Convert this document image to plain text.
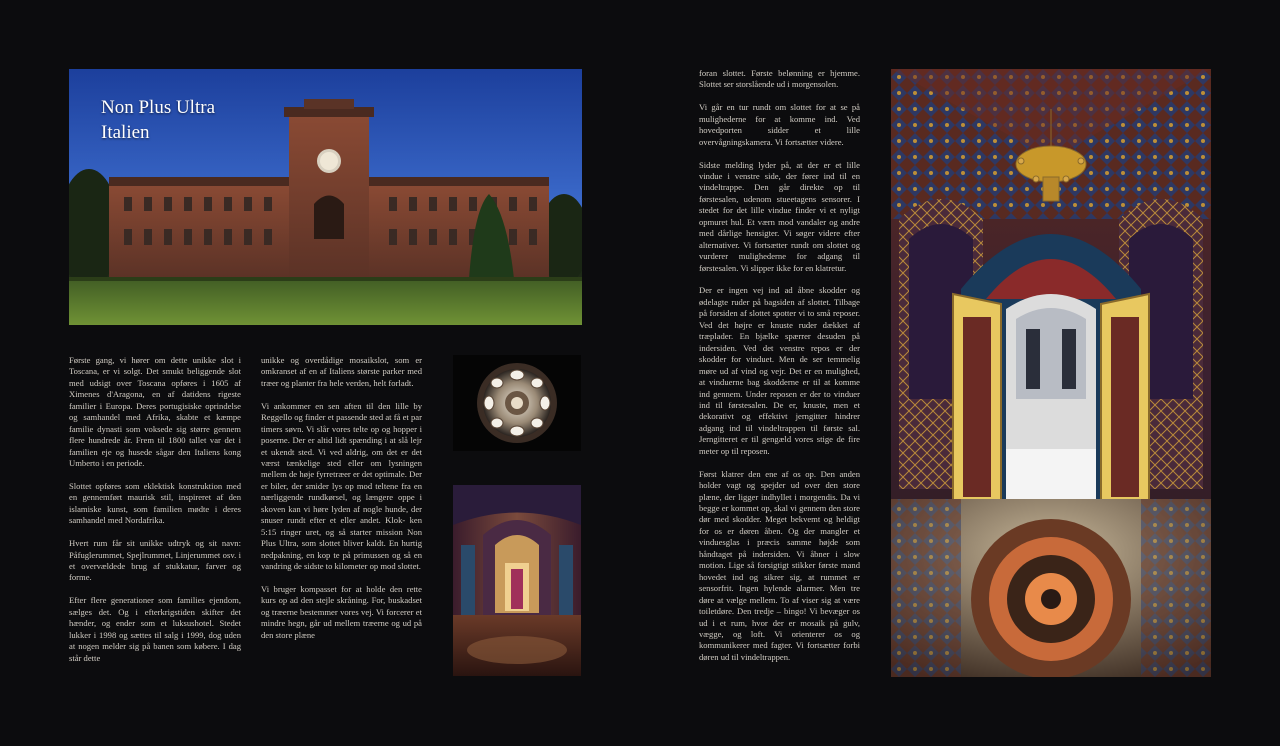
Non Plus Ultra
Italien

Første gang, vi hører om dette unikke slot i Toscana, er vi solgt. Det smukt beliggende slot med udsigt over Toscana opføres i 1605 af Ximenes d'Aragona, en af datidens rigeste familier i Europa. Deres portugisiske oprindelse og samhandel med Afrika, skabte et kæmpe familie dynasti som voksede sig større gennem flere hundrede år. Frem til 1800 tallet var det i familien eje og husede sågar den Italiens kong Umberto i en periode.

Slottet opføres som eklektisk konstruktion med en gennemført maurisk stil, inspireret af den islamiske kunst, som familien mødte i deres samhandel med Nordafrika.

Hvert rum får sit unikke udtryk og sit navn: Påfuglerummet, Spejlrummet, Linjerummet osv. i et overvældede brug af stukkatur, farver og forme.

Efter flere generationer som families ejendom, sælges det. Og i efterkrigstiden skifter det hænder, og ender som et luksushotel. Stedet lukker i 1998 og sættes til salg i 1999, dog uden at nogen melder sig på banen som købere. I dag står dette

unikke og overdådige mosaikslot, som er omkranset af en af Italiens største parker med træer og planter fra hele verden, helt forladt.

Vi ankommer en sen aften til den lille by Reggello og finder et passende sted at få et par timers søvn. Vi slår vores telte op og hopper i poserne. Der er altid lidt spænding i at slå lejr et ukendt sted. Vi ved aldrig, om det er det værst tænkelige sted eller om lysningen mellem de høje fyrretræer er det optimale. Der er biler, der smider lys op mod teltene fra en nærliggende rundkørsel, og længere oppe i skoven kan vi høre lyden af nogle hunde, der snuser rundt efter et eller andet. Klok- ken 5:15 ringer uret, og så starter mission Non Plus Ultra, som slottet bliver kaldt. En hurtig nedpakning, en kop te på primussen og så en vandring de sidste to kilometer op mod slottet.

Vi bruger kompasset for at holde den rette kurs op ad den stejle skråning. For, buskadset og træerne bestemmer vores vej. Vi forcerer et mindre hegn, går ud mellem træerne og ud på den store plæne

foran slottet. Første belønning er hjemme. Slottet ser storslående ud i morgensolen.

Vi går en tur rundt om slottet for at se på mulighederne for at komme ind. Ved hovedporten sidder et lille overvågningskamera. Vi fortsætter videre.

Sidste melding lyder på, at der er et lille vindue i venstre side, der fører ind til en vindeltrappe. Den går direkte op til førstesalen, udenom stueetagens sensorer. I stedet for det lille vindue finder vi et nyligt opmuret hul. Et værn mod vandaler og andre med dårlige hensigter. Vi søger videre efter alternativer. Vi fortsætter rundt om slottet og vurderer mulighederne for adgang til førstesalen. Vi slipper ikke for en klatretur.

Der er ingen vej ind ad åbne skodder og ødelagte ruder på bagsiden af slottet. Tilbage på forsiden af slottet spotter vi to små reposer. Ved det højre er knuste ruder dækket af træplader. En bjælke spærrer desuden på indersiden. Ved det venstre repos er der skodder for vinduet. Men de ser temmelig møre ud af vind og vejr. Det er en mulighed, at vinduerne bag skodderne er til at komme ind gennem. Under reposen er der to vinduer ind til førstesalen. De er, knuste, men et dekorativt og effektivt jerngitter hindrer adgang ind til vindeltrappen til første sal. Jerngitteret er til gengæld vores stige de fire meter op til reposen.

Først klatrer den ene af os op. Den anden holder vagt og spejder ud over den store plæne, der ligger indhyllet i morgendis. Da vi begge er kommet op, skal vi gennem den store dør med skodder. Meget bekvemt og heldigt for os er døren åben. Og der mangler et vinduesglas i præcis samme højde som håndtaget på indersiden. Vi åbner i slow motion. Lige så forsigtigt stikker første mand hovedet ind og sikrer sig, at rummet er sensorfrit. Ingen hylende alarmer. Men tre døre at vælge mellem. To af viser sig at være toiletdøre. Den tredje – bingo! Vi bevæger os ud i et rum, hvor der er mosaik på gulv, vægge, og loft. Vi orienterer os og kommunikerer med fagter. Vi fortsætter forbi døren ud til vindeltrappen.
